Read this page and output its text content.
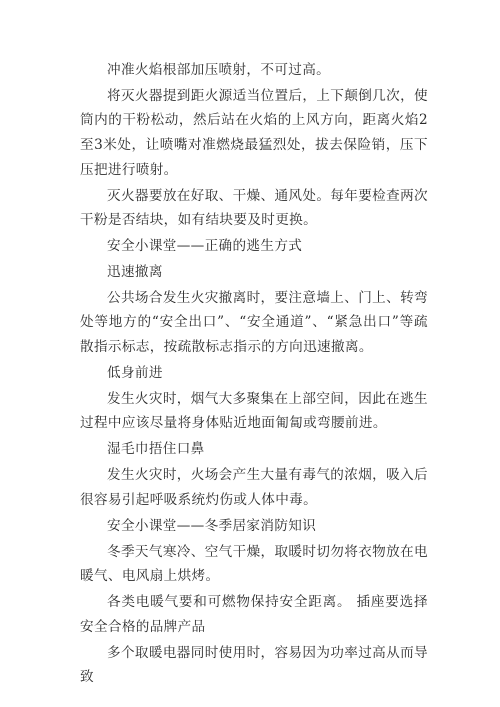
冲准火焰根部加压喷射，不可过高。

将灭火器提到距火源适当位置后，上下颠倒几次，使筒内的干粉松动，然后站在火焰的上风方向，距离火焰2至3米处，让喷嘴对准燃烧最猛烈处，拔去保险销，压下压把进行喷射。

灭火器要放在好取、干燥、通风处。每年要检查两次干粉是否结块，如有结块要及时更换。

安全小课堂——正确的逃生方式

迅速撤离

公共场合发生火灾撤离时，要注意墙上、门上、转弯处等地方的“安全出口”、“安全通道”、“紧急出口”等疏散指示标志，按疏散标志指示的方向迅速撤离。

低身前进

发生火灾时，烟气大多聚集在上部空间，因此在逃生过程中应该尽量将身体贴近地面匍匐或弯腰前进。

湿毛巾捂住口鼻

发生火灾时，火场会产生大量有毒气的浓烟，吸入后很容易引起呼吸系统灼伤或人体中毒。

安全小课堂——冬季居家消防知识

冬季天气寒冷、空气干燥，取暖时切勿将衣物放在电暖气、电风扇上烘烤。

各类电暖气要和可燃物保持安全距离。 插座要选择安全合格的品牌产品

多个取暖电器同时使用时，容易因为功率过高从而导致
